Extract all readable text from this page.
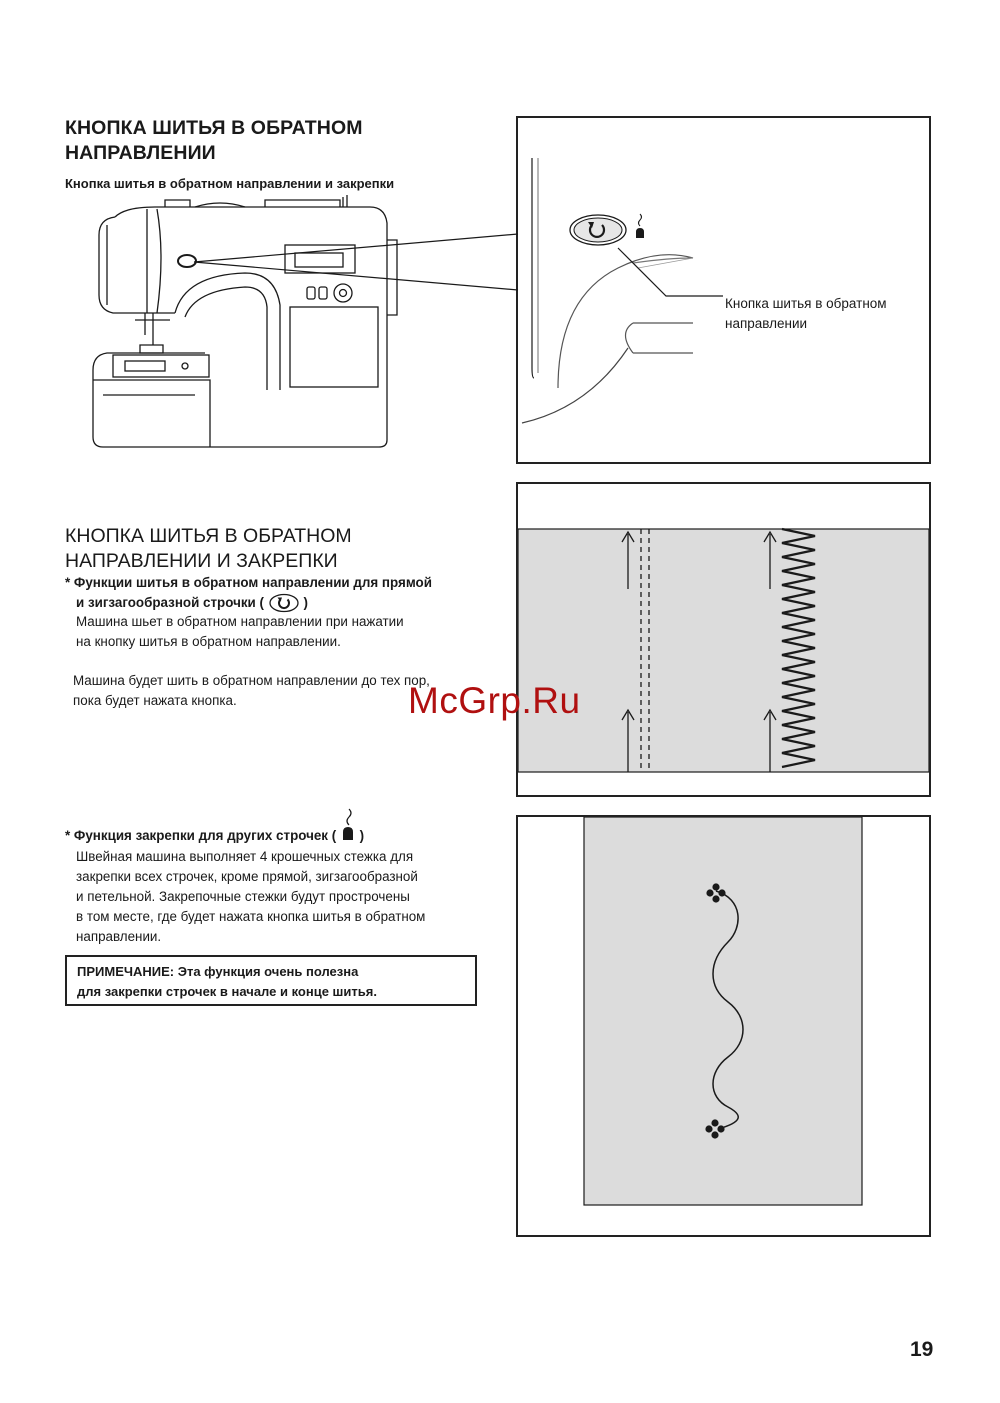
КНОПКА ШИТЬЯ В ОБРАТНОМ
НАПРАВЛЕНИИ
Кнопка шитья в обратном направлении и закрепки
Кнопка шитья в обратном
направлении
КНОПКА ШИТЬЯ В ОБРАТНОМ
НАПРАВЛЕНИИ И ЗАКРЕПКИ
* Функции шитья в обратном направлении для прямой
и зигзагообразной строчки (	)
Машина шьет в обратном направлении при нажатии
на кнопку шитья в обратном направлении.
Машина будет шить в обратном направлении до тех пор,
пока будет нажата кнопка.	McGrp.Ru
* Функция закрепки для других строчек ( )
Швейная машина выполняет 4 крошечных стежка для
закрепки всех строчек, кроме прямой, зигзагообразной
и петельной. Закрепочные стежки будут прострочены
в том месте, где будет нажата кнопка шитья в обратном
направлении.
ПРИМЕЧАНИЕ: Эта функция очень полезна
для закрепки строчек в начале и конце шитья.
19
